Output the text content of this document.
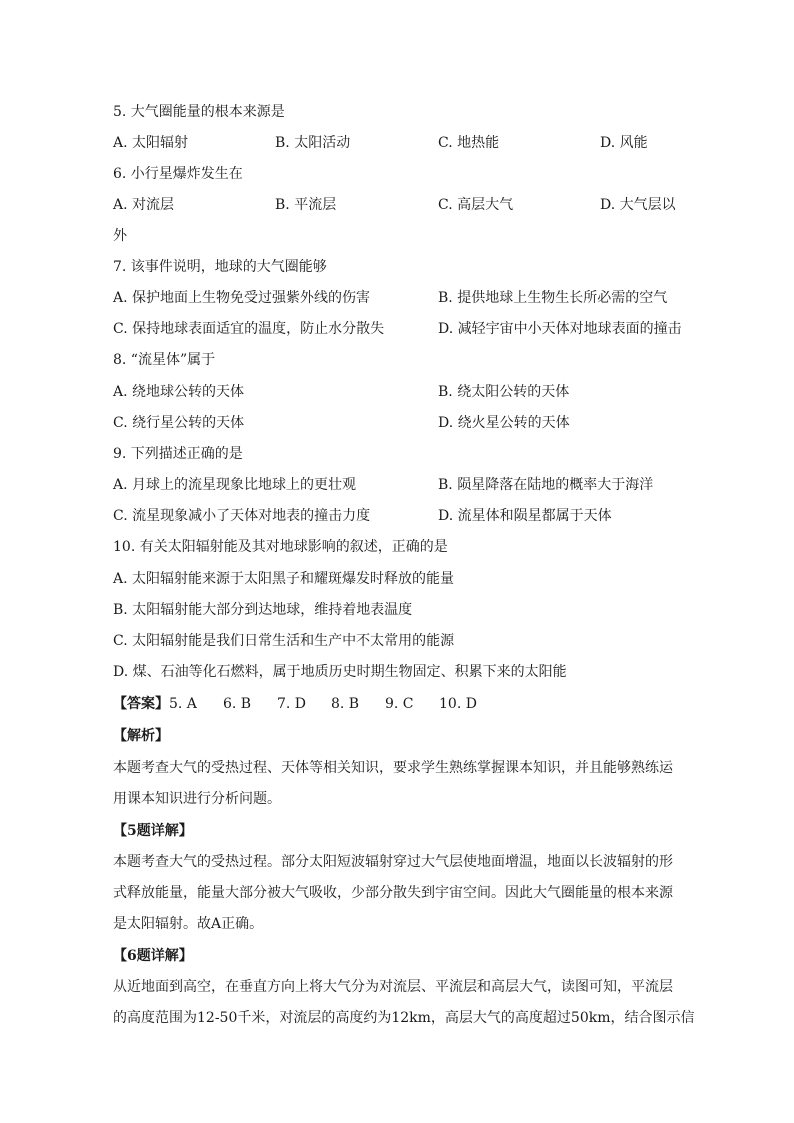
5. 大气圈能量的根本来源是
A. 太阳辐射	B. 太阳活动	C. 地热能	D. 风能
6. 小行星爆炸发生在
A. 对流层	B. 平流层	C. 高层大气	D. 大气层以
外
7. 该事件说明，地球的大气圈能够
A. 保护地面上生物免受过强紫外线的伤害	B. 提供地球上生物生长所必需的空气
C. 保持地球表面适宜的温度，防止水分散失	D. 减轻宇宙中小天体对地球表面的撞击
8. “流星体”属于
A. 绕地球公转的天体	B. 绕太阳公转的天体
C. 绕行星公转的天体	D. 绕火星公转的天体
9. 下列描述正确的是
A. 月球上的流星现象比地球上的更壮观	B. 陨星降落在陆地的概率大于海洋
C. 流星现象减小了天体对地表的撞击力度	D. 流星体和陨星都属于天体
10. 有关太阳辐射能及其对地球影响的叙述，正确的是
A. 太阳辐射能来源于太阳黑子和耀斑爆发时释放的能量
B. 太阳辐射能大部分到达地球，维持着地表温度
C. 太阳辐射能是我们日常生活和生产中不太常用的能源
D. 煤、石油等化石燃料，属于地质历史时期生物固定、积累下来的太阳能
【答案】5. A 6. B 7. D 8. B 9. C 10. D
【解析】
本题考查大气的受热过程、天体等相关知识，要求学生熟练掌握课本知识，并且能够熟练运
用课本知识进行分析问题。
【5题详解】
本题考查大气的受热过程。部分太阳短波辐射穿过大气层使地面增温，地面以长波辐射的形
式释放能量，能量大部分被大气吸收，少部分散失到宇宙空间。因此大气圈能量的根本来源
是太阳辐射。故A正确。
【6题详解】
从近地面到高空，在垂直方向上将大气分为对流层、平流层和高层大气，读图可知，平流层
的高度范围为12-50千米，对流层的高度约为12km，高层大气的高度超过50km，结合图示信
